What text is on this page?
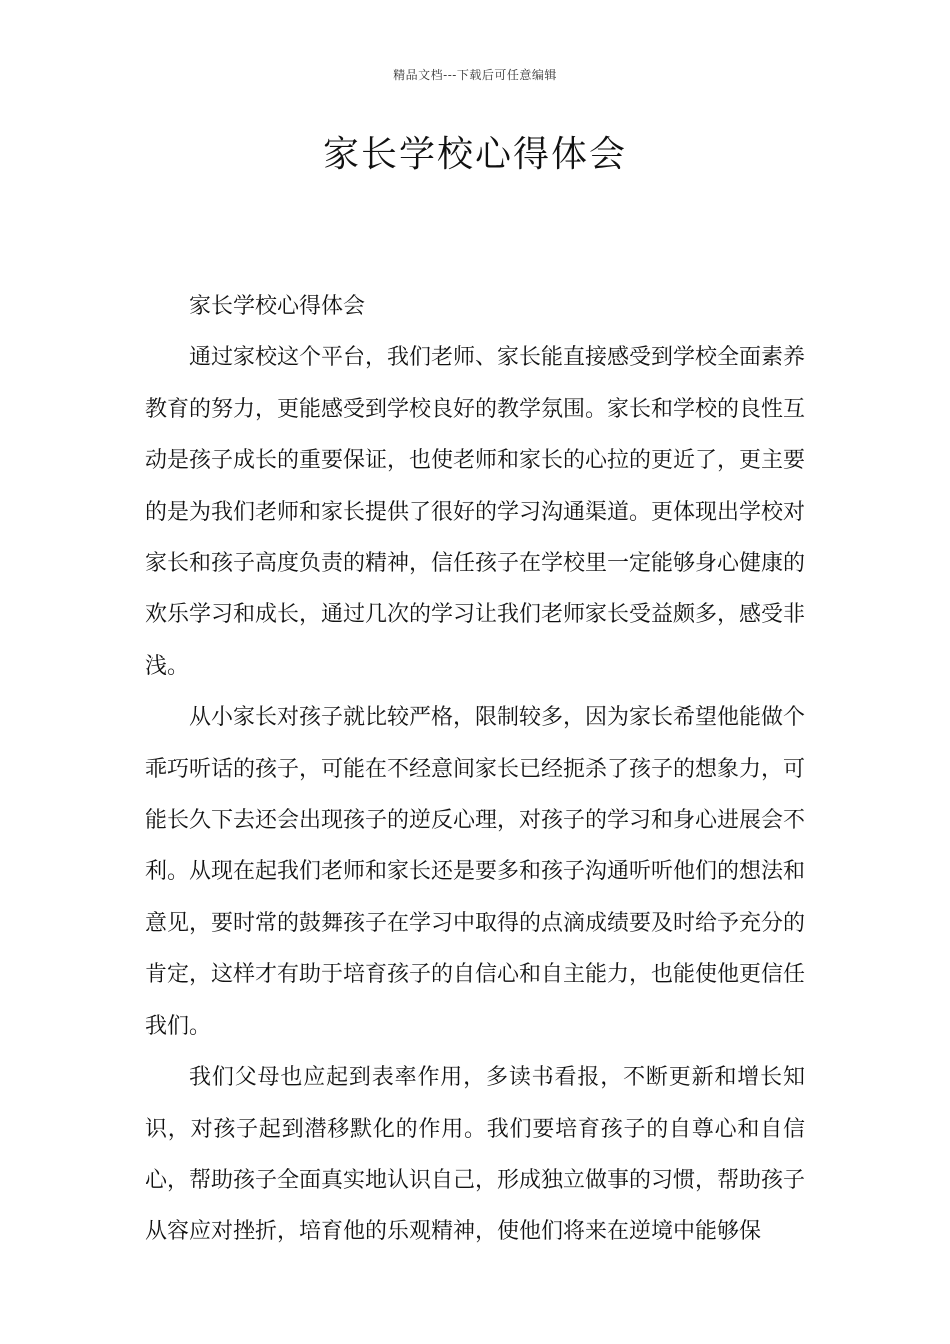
精品文档---下载后可任意编辑
家长学校心得体会

家长学校心得体会

通过家校这个平台，我们老师、家长能直接感受到学校全面素养教育的努力，更能感受到学校良好的教学氛围。家长和学校的良性互动是孩子成长的重要保证，也使老师和家长的心拉的更近了，更主要的是为我们老师和家长提供了很好的学习沟通渠道。更体现出学校对家长和孩子高度负责的精神，信任孩子在学校里一定能够身心健康的欢乐学习和成长，通过几次的学习让我们老师家长受益颇多，感受非浅。

从小家长对孩子就比较严格，限制较多，因为家长希望他能做个乖巧听话的孩子，可能在不经意间家长已经扼杀了孩子的想象力，可能长久下去还会出现孩子的逆反心理，对孩子的学习和身心进展会不利。从现在起我们老师和家长还是要多和孩子沟通听听他们的想法和意见，要时常的鼓舞孩子在学习中取得的点滴成绩要及时给予充分的肯定，这样才有助于培育孩子的自信心和自主能力，也能使他更信任我们。

我们父母也应起到表率作用，多读书看报，不断更新和增长知识，对孩子起到潜移默化的作用。我们要培育孩子的自尊心和自信心，帮助孩子全面真实地认识自己，形成独立做事的习惯，帮助孩子从容应对挫折，培育他的乐观精神，使他们将来在逆境中能够保
